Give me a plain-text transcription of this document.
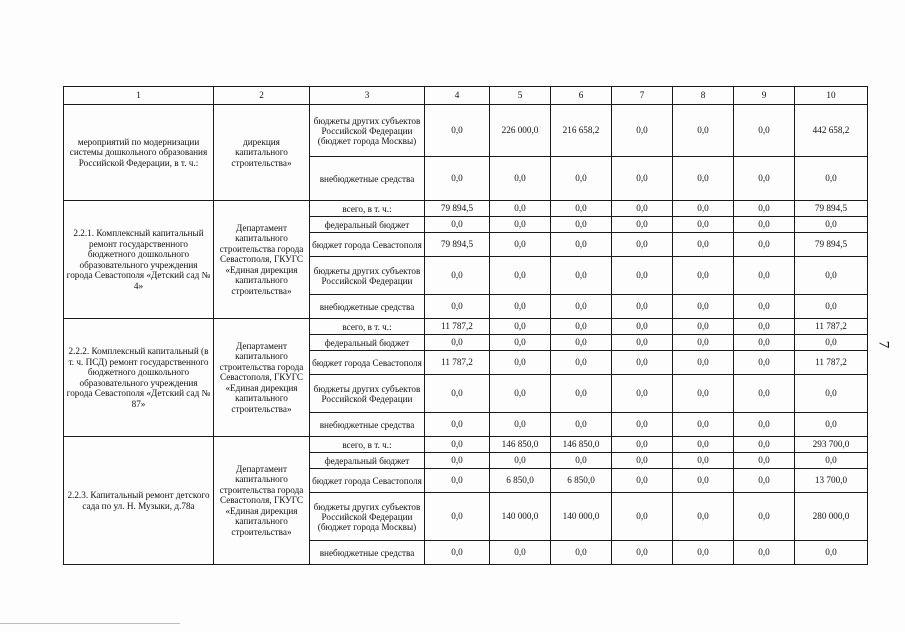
1	2	3	4	5	6	7	8	9	10
мероприятий по модернизации системы дошкольного образования Российской Федерации, в т. ч.:	дирекция капитального строительства»	бюджеты других субъектов Российской Федерации (бюджет города Москвы)	0,0	226 000,0	216 658,2	0,0	0,0	0,0	442 658,2
		внебюджетные средства	0,0	0,0	0,0	0,0	0,0	0,0	0,0
2.2.1. Комплексный капитальный ремонт государственного бюджетного дошкольного образовательного учреждения города Севастополя «Детский сад № 4»	Департамент капитального строительства города Севастополя, ГКУГС «Единая дирекция капитального строительства»	всего, в т. ч.:	79 894,5	0,0	0,0	0,0	0,0	0,0	79 894,5
		федеральный бюджет	0,0	0,0	0,0	0,0	0,0	0,0	0,0
		бюджет города Севастополя	79 894,5	0,0	0,0	0,0	0,0	0,0	79 894,5
		бюджеты других субъектов Российской Федерации	0,0	0,0	0,0	0,0	0,0	0,0	0,0
		внебюджетные средства	0,0	0,0	0,0	0,0	0,0	0,0	0,0
2.2.2. Комплексный капитальный (в т. ч. ПСД) ремонт государственного бюджетного дошкольного образовательного учреждения города Севастополя «Детский сад № 87»	Департамент капитального строительства города Севастополя, ГКУГС «Единая дирекция капитального строительства»	всего, в т. ч.:	11 787,2	0,0	0,0	0,0	0,0	0,0	11 787,2
		федеральный бюджет	0,0	0,0	0,0	0,0	0,0	0,0	0,0
		бюджет города Севастополя	11 787,2	0,0	0,0	0,0	0,0	0,0	11 787,2
		бюджеты других субъектов Российской Федерации	0,0	0,0	0,0	0,0	0,0	0,0	0,0
		внебюджетные средства	0,0	0,0	0,0	0,0	0,0	0,0	0,0
2.2.3. Капитальный ремонт детского сада по ул. Н. Музыки, д.78а	Департамент капитального строительства города Севастополя, ГКУГС «Единая дирекция капитального строительства»	всего, в т. ч.:	0,0	146 850,0	146 850,0	0,0	0,0	0,0	293 700,0
		федеральный бюджет	0,0	0,0	0,0	0,0	0,0	0,0	0,0
		бюджет города Севастополя	0,0	6 850,0	6 850,0	0,0	0,0	0,0	13 700,0
		бюджеты других субъектов Российской Федерации (бюджет города Москвы)	0,0	140 000,0	140 000,0	0,0	0,0	0,0	280 000,0
		внебюджетные средства	0,0	0,0	0,0	0,0	0,0	0,0	0,0
7
